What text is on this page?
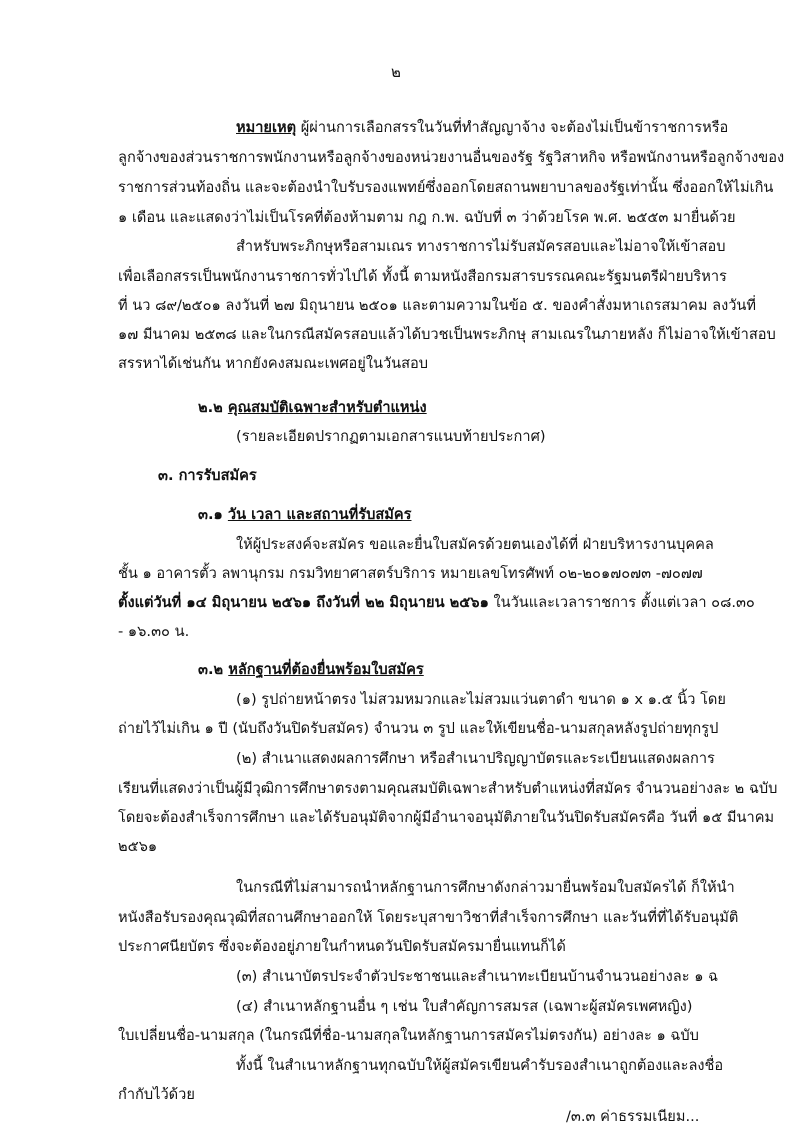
๒
หมายเหตุ ผู้ผ่านการเลือกสรรในวันที่ทำสัญญาจ้าง จะต้องไม่เป็นข้าราชการหรือ
ลูกจ้างของส่วนราชการพนักงานหรือลูกจ้างของหน่วยงานอื่นของรัฐ รัฐวิสาหกิจ หรือพนักงานหรือลูกจ้างของ
ราชการส่วนท้องถิ่น และจะต้องนำใบรับรองแพทย์ซึ่งออกโดยสถานพยาบาลของรัฐเท่านั้น ซึ่งออกให้ไม่เกิน
๑ เดือน และแสดงว่าไม่เป็นโรคที่ต้องห้ามตาม กฎ ก.พ. ฉบับที่ ๓ ว่าด้วยโรค พ.ศ. ๒๕๕๓ มายื่นด้วย
สำหรับพระภิกษุหรือสามเณร ทางราชการไม่รับสมัครสอบและไม่อาจให้เข้าสอบ
เพื่อเลือกสรรเป็นพนักงานราชการทั่วไปได้ ทั้งนี้ ตามหนังสือกรมสารบรรณคณะรัฐมนตรีฝ่ายบริหาร
ที่ นว ๘๙/๒๕๐๑ ลงวันที่ ๒๗ มิถุนายน ๒๕๐๑ และตามความในข้อ ๕. ของคำสั่งมหาเถรสมาคม ลงวันที่
๑๗ มีนาคม ๒๕๓๘ และในกรณีสมัครสอบแล้วได้บวชเป็นพระภิกษุ สามเณรในภายหลัง ก็ไม่อาจให้เข้าสอบ
สรรหาได้เช่นกัน หากยังคงสมณะเพศอยู่ในวันสอบ
๒.๒ คุณสมบัติเฉพาะสำหรับตำแหน่ง
(รายละเอียดปรากฏตามเอกสารแนบท้ายประกาศ)
๓. การรับสมัคร
๓.๑ วัน เวลา และสถานที่รับสมัคร
ให้ผู้ประสงค์จะสมัคร ขอและยื่นใบสมัครด้วยตนเองได้ที่ ฝ่ายบริหารงานบุคคล
ชั้น ๑ อาคารตั้ว ลพานุกรม กรมวิทยาศาสตร์บริการ หมายเลขโทรศัพท์ ๐๒-๒๐๑๗๐๗๓ -๗๐๗๗
ตั้งแต่วันที่ ๑๔ มิถุนายน ๒๕๖๑ ถึงวันที่ ๒๒ มิถุนายน ๒๕๖๑ ในวันและเวลาราชการ ตั้งแต่เวลา ๐๘.๓๐
- ๑๖.๓๐ น.
๓.๒ หลักฐานที่ต้องยื่นพร้อมใบสมัคร
(๑) รูปถ่ายหน้าตรง ไม่สวมหมวกและไม่สวมแว่นตาดำ ขนาด ๑ x ๑.๕ นิ้ว โดย
ถ่ายไว้ไม่เกิน ๑ ปี (นับถึงวันปิดรับสมัคร) จำนวน ๓ รูป และให้เขียนชื่อ-นามสกุลหลังรูปถ่ายทุกรูป
(๒) สำเนาแสดงผลการศึกษา หรือสำเนาปริญญาบัตรและระเบียนแสดงผลการ
เรียนที่แสดงว่าเป็นผู้มีวุฒิการศึกษาตรงตามคุณสมบัติเฉพาะสำหรับตำแหน่งที่สมัคร จำนวนอย่างละ ๒ ฉบับ
โดยจะต้องสำเร็จการศึกษา และได้รับอนุมัติจากผู้มีอำนาจอนุมัติภายในวันปิดรับสมัครคือ วันที่ ๑๕ มีนาคม
๒๕๖๑
ในกรณีที่ไม่สามารถนำหลักฐานการศึกษาดังกล่าวมายื่นพร้อมใบสมัครได้ ก็ให้นำ
หนังสือรับรองคุณวุฒิที่สถานศึกษาออกให้ โดยระบุสาขาวิชาที่สำเร็จการศึกษา และวันที่ที่ได้รับอนุมัติ
ประกาศนียบัตร ซึ่งจะต้องอยู่ภายในกำหนดวันปิดรับสมัครมายื่นแทนก็ได้
(๓) สำเนาบัตรประจำตัวประชาชนและสำเนาทะเบียนบ้านจำนวนอย่างละ ๑ ฉ
(๔) สำเนาหลักฐานอื่น ๆ เช่น ใบสำคัญการสมรส (เฉพาะผู้สมัครเพศหญิง)
ใบเปลี่ยนชื่อ-นามสกุล (ในกรณีที่ชื่อ-นามสกุลในหลักฐานการสมัครไม่ตรงกัน) อย่างละ ๑ ฉบับ
ทั้งนี้ ในสำเนาหลักฐานทุกฉบับให้ผู้สมัครเขียนคำรับรองสำเนาถูกต้องและลงชื่อ
กำกับไว้ด้วย
/๓.๓ ค่าธรรมเนียม...
